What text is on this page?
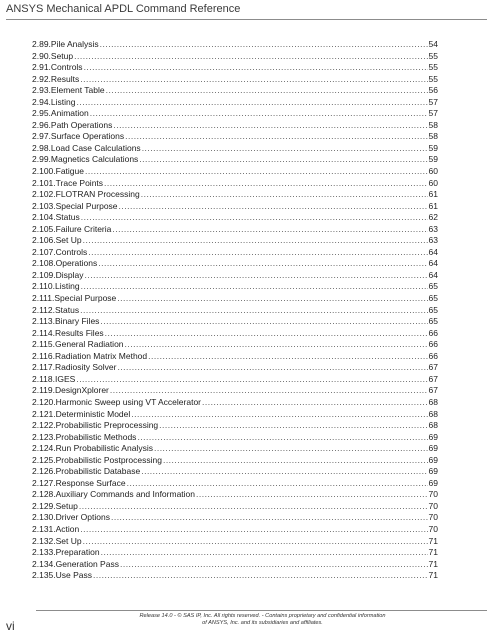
ANSYS Mechanical APDL Command Reference
2.89. Pile Analysis .....	54
2.90. Setup .....	55
2.91. Controls .....	55
2.92. Results .....	55
2.93. Element Table .....	56
2.94. Listing .....	57
2.95. Animation .....	57
2.96. Path Operations .....	58
2.97. Surface Operations .....	58
2.98. Load Case Calculations .....	59
2.99. Magnetics Calculations .....	59
2.100. Fatigue .....	60
2.101. Trace Points .....	60
2.102. FLOTRAN Processing .....	61
2.103. Special Purpose .....	61
2.104. Status .....	62
2.105. Failure Criteria .....	63
2.106. Set Up .....	63
2.107. Controls .....	64
2.108. Operations .....	64
2.109. Display .....	64
2.110. Listing .....	65
2.111. Special Purpose .....	65
2.112. Status .....	65
2.113. Binary Files .....	65
2.114. Results Files .....	66
2.115. General Radiation .....	66
2.116. Radiation Matrix Method .....	66
2.117. Radiosity Solver .....	67
2.118. IGES .....	67
2.119. DesignXplorer .....	67
2.120. Harmonic Sweep using VT Accelerator .....	68
2.121. Deterministic Model .....	68
2.122. Probabilistic Preprocessing .....	68
2.123. Probabilistic Methods .....	69
2.124. Run Probabilistic Analysis .....	69
2.125. Probabilistic Postprocessing .....	69
2.126. Probabilistic Database .....	69
2.127. Response Surface .....	69
2.128. Auxiliary Commands and Information .....	70
2.129. Setup .....	70
2.130. Driver Options .....	70
2.131. Action .....	70
2.132. Set Up .....	71
2.133. Preparation .....	71
2.134. Generation Pass .....	71
2.135. Use Pass .....	71
vi
Release 14.0 - © SAS IP, Inc. All rights reserved. - Contains proprietary and confidential information
of ANSYS, Inc. and its subsidiaries and affiliates.
